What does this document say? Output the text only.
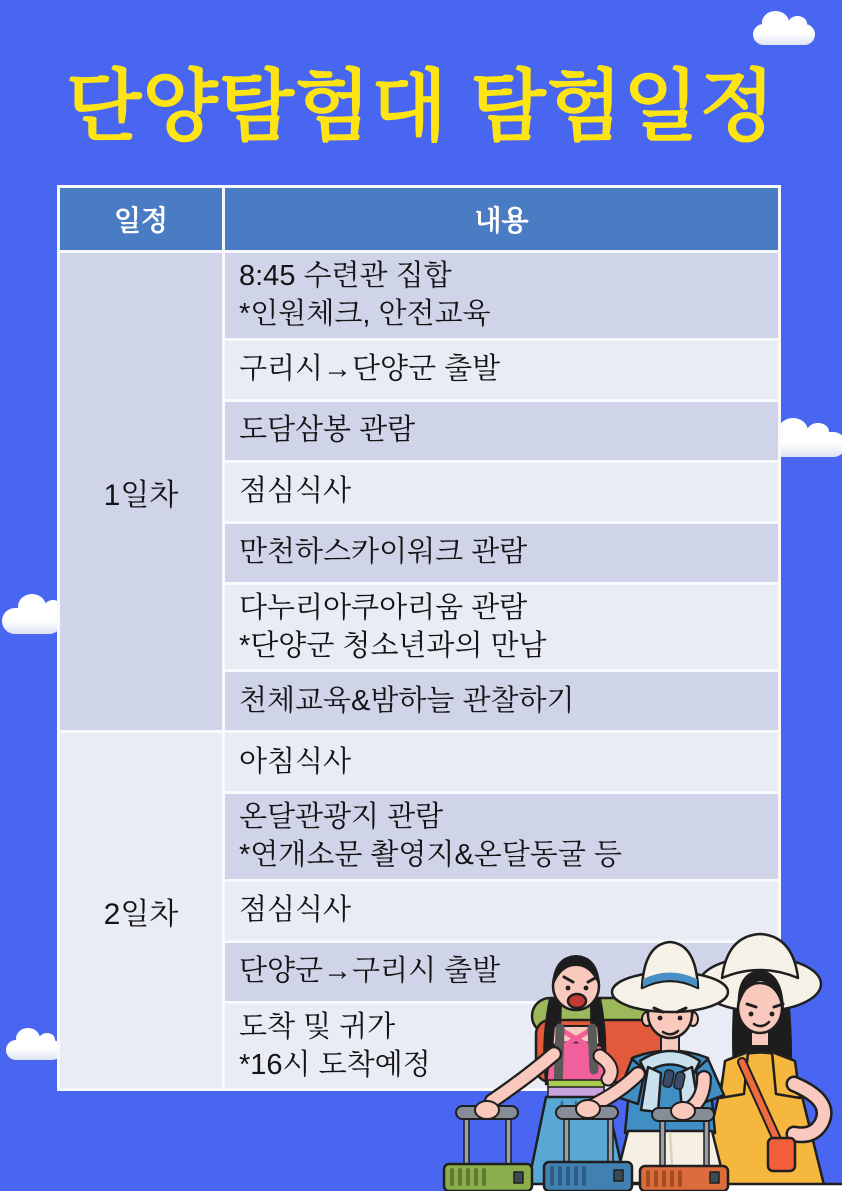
단양탐험대 탐험일정
일정	내용
1일차	8:45 수련관 집합
*인원체크, 안전교육

	구리시→단양군 출발

	도담삼봉 관람

	점심식사

	만천하스카이워크 관람

	다누리아쿠아리움 관람
*단양군 청소년과의 만남

	천체교육&밤하늘 관찰하기

2일차	아침식사

	온달관광지 관람
*연개소문 촬영지&온달동굴 등

	점심식사

	단양군→구리시 출발

	도착 및 귀가
*16시 도착예정
